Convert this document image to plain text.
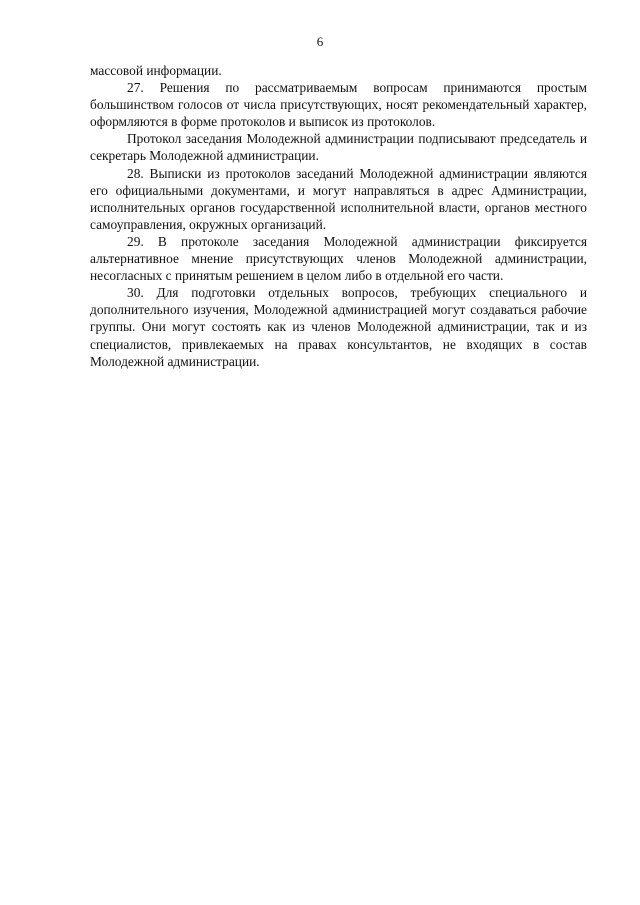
6

массовой информации.

27. Решения по рассматриваемым вопросам принимаются простым большинством голосов от числа присутствующих, носят рекомендательный характер, оформляются в форме протоколов и выписок из протоколов.

Протокол заседания Молодежной администрации подписывают председатель и секретарь Молодежной администрации.

28. Выписки из протоколов заседаний Молодежной администрации являются его официальными документами, и могут направляться в адрес Администрации, исполнительных органов государственной исполнительной власти, органов местного самоуправления, окружных организаций.

29. В протоколе заседания Молодежной администрации фиксируется альтернативное мнение присутствующих членов Молодежной администрации, несогласных с принятым решением в целом либо в отдельной его части.

30. Для подготовки отдельных вопросов, требующих специального и дополнительного изучения, Молодежной администрацией могут создаваться рабочие группы. Они могут состоять как из членов Молодежной администрации, так и из специалистов, привлекаемых на правах консультантов, не входящих в состав Молодежной администрации.
